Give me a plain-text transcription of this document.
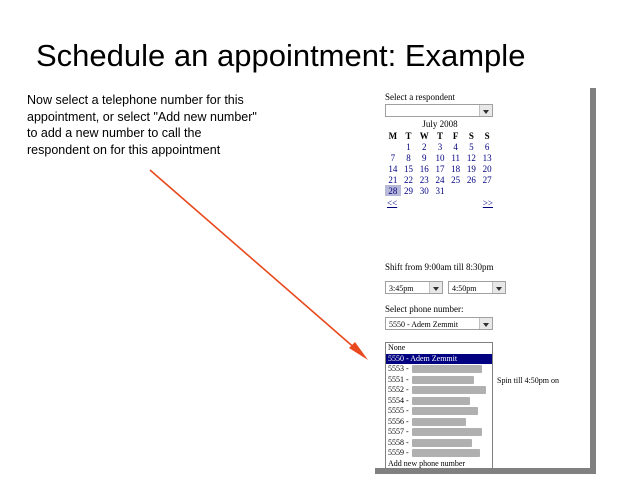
Schedule an appointment: Example
Now select a telephone number for this appointment, or select "Add new number" to add a new number to call the respondent on for this appointment
Select a respondent
July 2008
M	T	W	T	F	S	S
	1	2	3	4	5	6
7	8	9	10	11	12	13
14	15	16	17	18	19	20
21	22	23	24	25	26	27
28	29	30	31			
<<	>>
Shift from 9:00am till 8:30pm
3:45pm	4:50pm
Select phone number:
5550 - Adem Zemmit
None
5550 - Adem Zemmit
5553 -
5551 -
5552 -
5554 -
5555 -
5556 -
5557 -
5558 -
5559 -
Add new phone number
Spin till 4:50pm on
